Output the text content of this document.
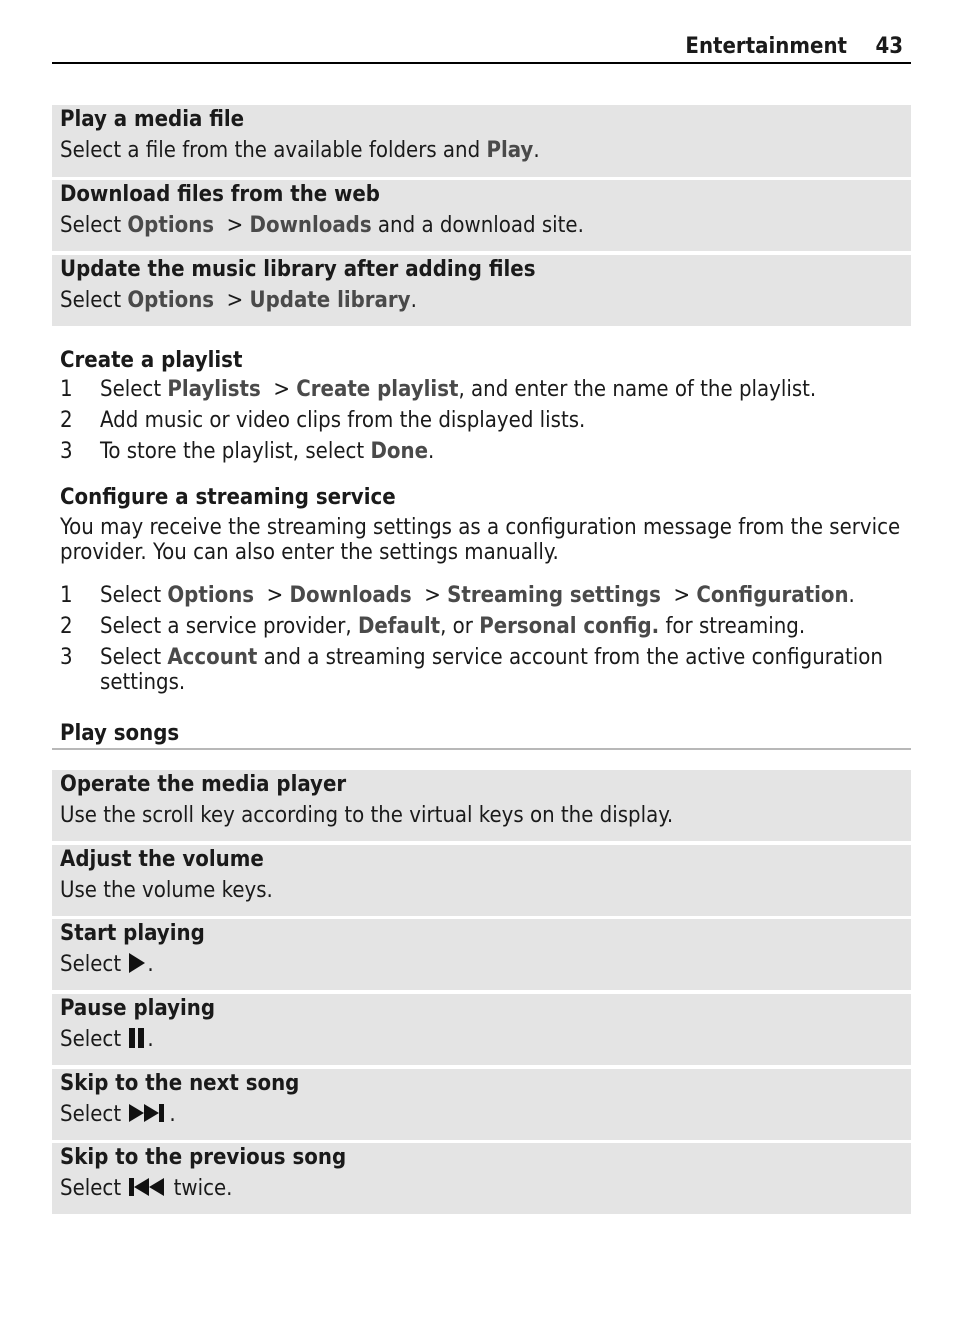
Entertainment 43
Play a media file
Select a file from the available folders and Play.
Download files from the web
Select Options  > Downloads and a download site.
Update the music library after adding files
Select Options  > Update library.
Create a playlist
1 Select Playlists  > Create playlist, and enter the name of the playlist.
2 Add music or video clips from the displayed lists.
3 To store the playlist, select Done.
Configure a streaming service
You may receive the streaming settings as a configuration message from the service provider. You can also enter the settings manually.
1 Select Options  > Downloads  > Streaming settings  > Configuration.
2 Select a service provider, Default, or Personal config. for streaming.
3 Select Account and a streaming service account from the active configuration settings.
Play songs
Operate the media player
Use the scroll key according to the virtual keys on the display.
Adjust the volume
Use the volume keys.
Start playing
Select .
Pause playing
Select .
Skip to the next song
Select .
Skip to the previous song
Select  twice.
